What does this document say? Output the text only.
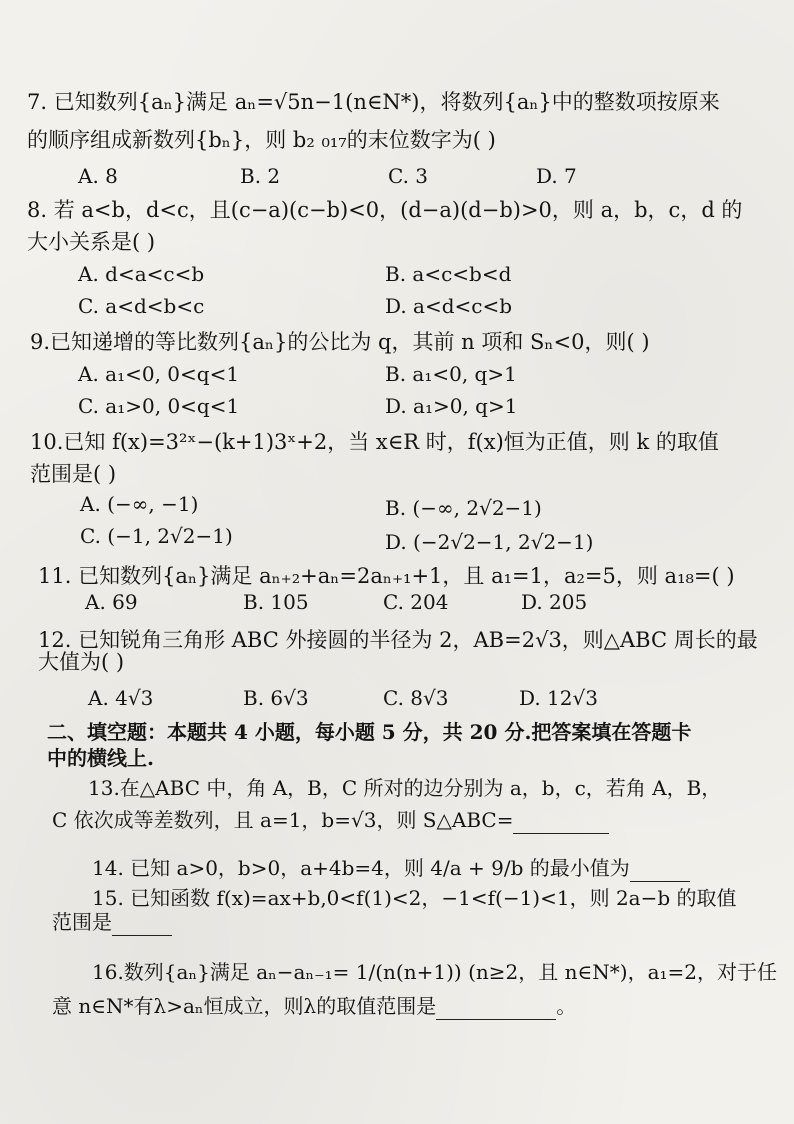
7. 已知数列{aₙ}满足 aₙ=√5n−1(n∈N*)，将数列{aₙ}中的整数项按原来
的顺序组成新数列{bₙ}，则 b₂ ₀₁₇的末位数字为( )
A. 8	B. 2	C. 3	D. 7
8. 若 a<b，d<c，且(c−a)(c−b)<0，(d−a)(d−b)>0，则 a，b，c，d 的
大小关系是( )
A. d<a<c<b	B. a<c<b<d
C. a<d<b<c	D. a<d<c<b
9.已知递增的等比数列{aₙ}的公比为 q，其前 n 项和 Sₙ<0，则( )
A. a₁<0, 0<q<1	B. a₁<0, q>1
C. a₁>0, 0<q<1	D. a₁>0, q>1
10.已知 f(x)=3²ˣ−(k+1)3ˣ+2，当 x∈R 时，f(x)恒为正值，则 k 的取值
范围是( )
A. (−∞, −1)	B. (−∞, 2√2−1)
C. (−1, 2√2−1)	D. (−2√2−1, 2√2−1)
11. 已知数列{aₙ}满足 aₙ₊₂+aₙ=2aₙ₊₁+1，且 a₁=1，a₂=5，则 a₁₈=( )
A. 69	B. 105	C. 204	D. 205
12. 已知锐角三角形 ABC 外接圆的半径为 2，AB=2√3，则△ABC 周长的最
大值为( )
A. 4√3	B. 6√3	C. 8√3	D. 12√3
二、填空题：本题共 4 小题，每小题 5 分，共 20 分.把答案填在答题卡
中的横线上.
13.在△ABC 中，角 A，B，C 所对的边分别为 a，b，c，若角 A，B，
C 依次成等差数列，且 a=1，b=√3，则 S△ABC=
14. 已知 a>0，b>0，a+4b=4，则 4/a + 9/b 的最小值为
15. 已知函数 f(x)=ax+b,0<f(1)<2，−1<f(−1)<1，则 2a−b 的取值
范围是
16.数列{aₙ}满足 aₙ−aₙ₋₁= 1/(n(n+1)) (n≥2，且 n∈N*)，a₁=2，对于任
意 n∈N*有λ>aₙ恒成立，则λ的取值范围是	。
